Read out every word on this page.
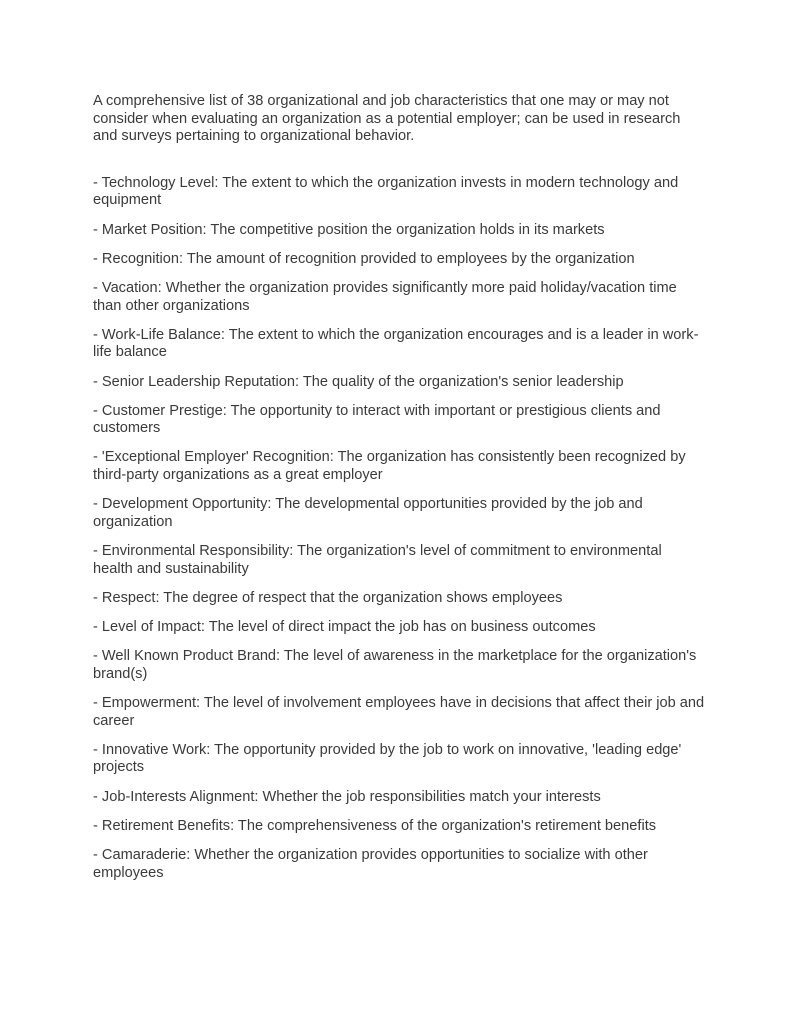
A comprehensive list of 38 organizational and job characteristics that one may or may not consider when evaluating an organization as a potential employer; can be used in research and surveys pertaining to organizational behavior.

- Technology Level: The extent to which the organization invests in modern technology and equipment

- Market Position: The competitive position the organization holds in its markets

- Recognition: The amount of recognition provided to employees by the organization

- Vacation: Whether the organization provides significantly more paid holiday/vacation time than other organizations

- Work-Life Balance: The extent to which the organization encourages and is a leader in work-life balance

- Senior Leadership Reputation: The quality of the organization's senior leadership

- Customer Prestige: The opportunity to interact with important or prestigious clients and customers

- 'Exceptional Employer' Recognition: The organization has consistently been recognized by third-party organizations as a great employer

- Development Opportunity: The developmental opportunities provided by the job and organization

- Environmental Responsibility: The organization's level of commitment to environmental health and sustainability

- Respect: The degree of respect that the organization shows employees

- Level of Impact: The level of direct impact the job has on business outcomes

- Well Known Product Brand: The level of awareness in the marketplace for the organization's brand(s)

- Empowerment: The level of involvement employees have in decisions that affect their job and career

- Innovative Work: The opportunity provided by the job to work on innovative, 'leading edge' projects

- Job-Interests Alignment: Whether the job responsibilities match your interests

- Retirement Benefits: The comprehensiveness of the organization's retirement benefits

- Camaraderie: Whether the organization provides opportunities to socialize with other employees
